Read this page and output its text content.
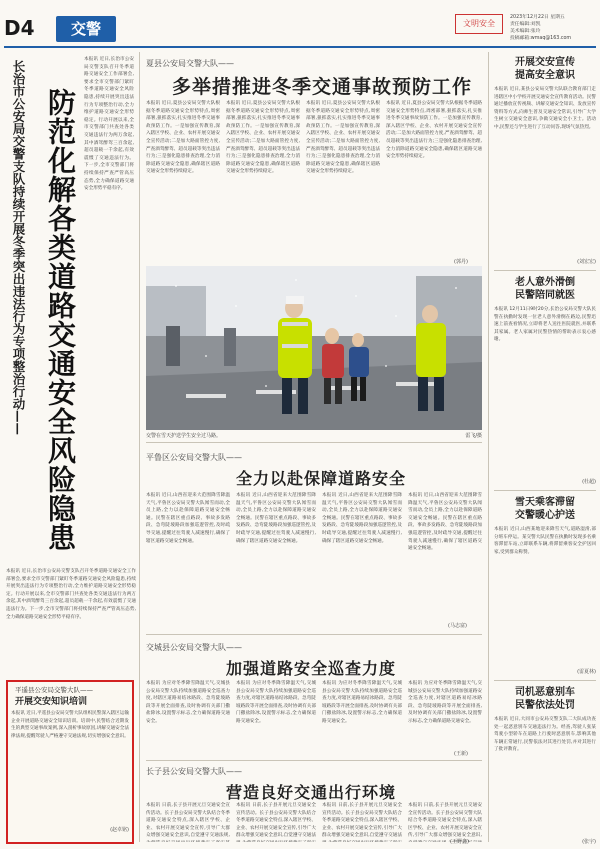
D4	交警	文明安全
2023年12月22日 星期五
责任编辑:刘凯
美术编辑:张玲
投稿邮箱:wmaq@163.com
长治市公安局交警支队持续开展冬季突出违法行为专项整治行动—— 防范化解各类道路交通安全风险隐患
本报讯 近日,长治市公安局交警支队召开冬季道路交通安全工作部署会,要求全市交警部门紧盯冬季道路交通安全风险隐患,持续开展突出违法行为专项整治行动,全力维护道路交通安全形势稳定。行动开展以来,全市交警部门共查处各类交通违法行为两万余起,其中酒驾醉驾三百余起,超员超载一千余起,有效震慑了交通违法行为。下一步,全市交警部门将持续保持严查严管高压态势,全力确保道路交通安全形势平稳有序。
本报讯 近日,长治市公安局交警支队召开冬季道路交通安全工作部署会,要求全市交警部门紧盯冬季道路交通安全风险隐患,持续开展突出违法行为专项整治行动,全力维护道路交通安全形势稳定。行动开展以来,全市交警部门共查处各类交通违法行为两万余起,其中酒驾醉驾三百余起,超员超载一千余起,有效震慑了交通违法行为。下一步,全市交警部门将持续保持严查严管高压态势,全力确保道路交通安全形势平稳有序。
平遥县公安局交警大队——
开展交安知识培训
本报讯 近日,平遥县公安局交警大队组织民警深入辖区运输企业开展道路交通安全知识培训。培训中,民警结合近期发生的典型交通事故案例,深入剖析事故原因,讲解交通安全法律法规,提醒驾驶人严格遵守交通法规,切实增强安全意识。
(赵卓铭)
夏县公安局交警大队——
多举措推进冬季交通事故预防工作
本报讯 近日,夏县公安局交警大队根据冬季道路交通安全形势特点,周密部署,狠抓落实,扎实推进冬季交通事故预防工作。一是加强宣传教育,深入辖区学校、企业、农村开展交通安全宣传活动;二是加大路面管控力度,严查酒驾醉驾、超员超载等突出违法行为;三是强化隐患排查治理,全力消除道路交通安全隐患,确保辖区道路交通安全形势持续稳定。
本报讯 近日,夏县公安局交警大队根据冬季道路交通安全形势特点,周密部署,狠抓落实,扎实推进冬季交通事故预防工作。一是加强宣传教育,深入辖区学校、企业、农村开展交通安全宣传活动;二是加大路面管控力度,严查酒驾醉驾、超员超载等突出违法行为;三是强化隐患排查治理,全力消除道路交通安全隐患,确保辖区道路交通安全形势持续稳定。
本报讯 近日,夏县公安局交警大队根据冬季道路交通安全形势特点,周密部署,狠抓落实,扎实推进冬季交通事故预防工作。一是加强宣传教育,深入辖区学校、企业、农村开展交通安全宣传活动;二是加大路面管控力度,严查酒驾醉驾、超员超载等突出违法行为;三是强化隐患排查治理,全力消除道路交通安全隐患,确保辖区道路交通安全形势持续稳定。
本报讯 近日,夏县公安局交警大队根据冬季道路交通安全形势特点,周密部署,狠抓落实,扎实推进冬季交通事故预防工作。一是加强宣传教育,深入辖区学校、企业、农村开展交通安全宣传活动;二是加大路面管控力度,严查酒驾醉驾、超员超载等突出违法行为;三是强化隐患排查治理,全力消除道路交通安全隐患,确保辖区道路交通安全形势持续稳定。
(郭丹)
交警在雪天护送学生安全过马路。	雷飞/摄
平鲁区公安局交警大队——
全力以赴保障道路安全
本报讯 近日,山西省迎来大范围降雪降温天气,平鲁区公安局交警大队闻雪而动,全员上路,全力以赴保障道路交通安全畅通。民警在辖区重点路段、事故多发路段、急弯陡坡路段加强巡逻管控,及时疏导交通,提醒过往驾驶人减速慢行,确保了辖区道路交通安全畅通。
本报讯 近日,山西省迎来大范围降雪降温天气,平鲁区公安局交警大队闻雪而动,全员上路,全力以赴保障道路交通安全畅通。民警在辖区重点路段、事故多发路段、急弯陡坡路段加强巡逻管控,及时疏导交通,提醒过往驾驶人减速慢行,确保了辖区道路交通安全畅通。
本报讯 近日,山西省迎来大范围降雪降温天气,平鲁区公安局交警大队闻雪而动,全员上路,全力以赴保障道路交通安全畅通。民警在辖区重点路段、事故多发路段、急弯陡坡路段加强巡逻管控,及时疏导交通,提醒过往驾驶人减速慢行,确保了辖区道路交通安全畅通。
本报讯 近日,山西省迎来大范围降雪降温天气,平鲁区公安局交警大队闻雪而动,全员上路,全力以赴保障道路交通安全畅通。民警在辖区重点路段、事故多发路段、急弯陡坡路段加强巡逻管控,及时疏导交通,提醒过往驾驶人减速慢行,确保了辖区道路交通安全畅通。
(马志富)
交城县公安局交警大队——
加强道路安全巡查力度
本报讯 为应对冬季降雪降温天气,交城县公安局交警大队持续加强道路安全巡查力度,对辖区道路易结冰路段、急弯陡坡路段等开展全面排查,及时协调有关部门撒盐除冰,设置警示标志,全力确保道路交通安全。
本报讯 为应对冬季降雪降温天气,交城县公安局交警大队持续加强道路安全巡查力度,对辖区道路易结冰路段、急弯陡坡路段等开展全面排查,及时协调有关部门撒盐除冰,设置警示标志,全力确保道路交通安全。
本报讯 为应对冬季降雪降温天气,交城县公安局交警大队持续加强道路安全巡查力度,对辖区道路易结冰路段、急弯陡坡路段等开展全面排查,及时协调有关部门撒盐除冰,设置警示标志,全力确保道路交通安全。
本报讯 为应对冬季降雪降温天气,交城县公安局交警大队持续加强道路安全巡查力度,对辖区道路易结冰路段、急弯陡坡路段等开展全面排查,及时协调有关部门撒盐除冰,设置警示标志,全力确保道路交通安全。
(王新)
长子县公安局交警大队——
营造良好交通出行环境
本报讯 日前,长子县开展元旦交通安全宣传活动。长子县公安局交警大队结合冬季道路交通安全特点,深入辖区学校、企业、农村开展交通安全宣传,引导广大群众增强交通安全意识,自觉遵守交通法规,
本报讯 日前,长子县开展元旦交通安全宣传活动。长子县公安局交警大队结合冬季道路交通安全特点,深入辖区学校、企业、农村开展交通安全宣传,引导广大群众增强交通安全意识,自觉遵守交通法
本报讯 日前,长子县开展元旦交通安全宣传活动。长子县公安局交警大队结合冬季道路交通安全特点,深入辖区学校、企业、农村开展交通安全宣传,引导广大群众增强交通安全意识,自觉遵守交通法
本报讯 日前,长子县开展元旦交通安全宣传活动。长子县公安局交警大队结合冬季道路交通安全特点,深入辖区学校、企业、农村开展交通安全宣传,引导广大群众增强交通安全意识,
(王野鑫)
开展交安宣传
提高安全意识
本报讯 近日,某县公安局交警大队联合教育部门走进辖区中小学校开展交通安全宣传教育活动。民警通过播放宣传视频、讲解交通安全知识、发放宣传资料等方式,向师生普及交通安全常识,引导广大学生树立交通安全意识,争做交通安全小卫士。活动中,民警还与学生进行了互动问答,现场气氛热烈。
(刘宏宏)
老人意外滑倒
民警陪同就医
本报讯 12月11日9时20分,长治公安局交警大队民警在执勤时发现一位老人意外滑倒在路边,民警迅速上前查看情况,立即将老人送往医院就医,并联系其家属。老人家属对民警热情的帮助表示衷心感谢。
(杜超)
雪天乘客滞留
交警暖心护送
本报讯 近日,山西某地迎来降雪天气,道路湿滑,部分班车停运。某交警大队民警在执勤时发现多名乘客滞留车站,立即联系车辆,将滞留乘客安全护送回家,受到群众称赞。
(雷夏林)
司机恶意别车
民警依法处罚
本报讯 近日,大同市公安局交警支队二大队成功查处一起恶意别车交通违法行为。经查,驾驶人张某驾驶小型轿车在道路上行驶时恶意别车,影响其他车辆正常通行,民警依法对其进行处罚,并对其进行了批评教育。
(张宇)
